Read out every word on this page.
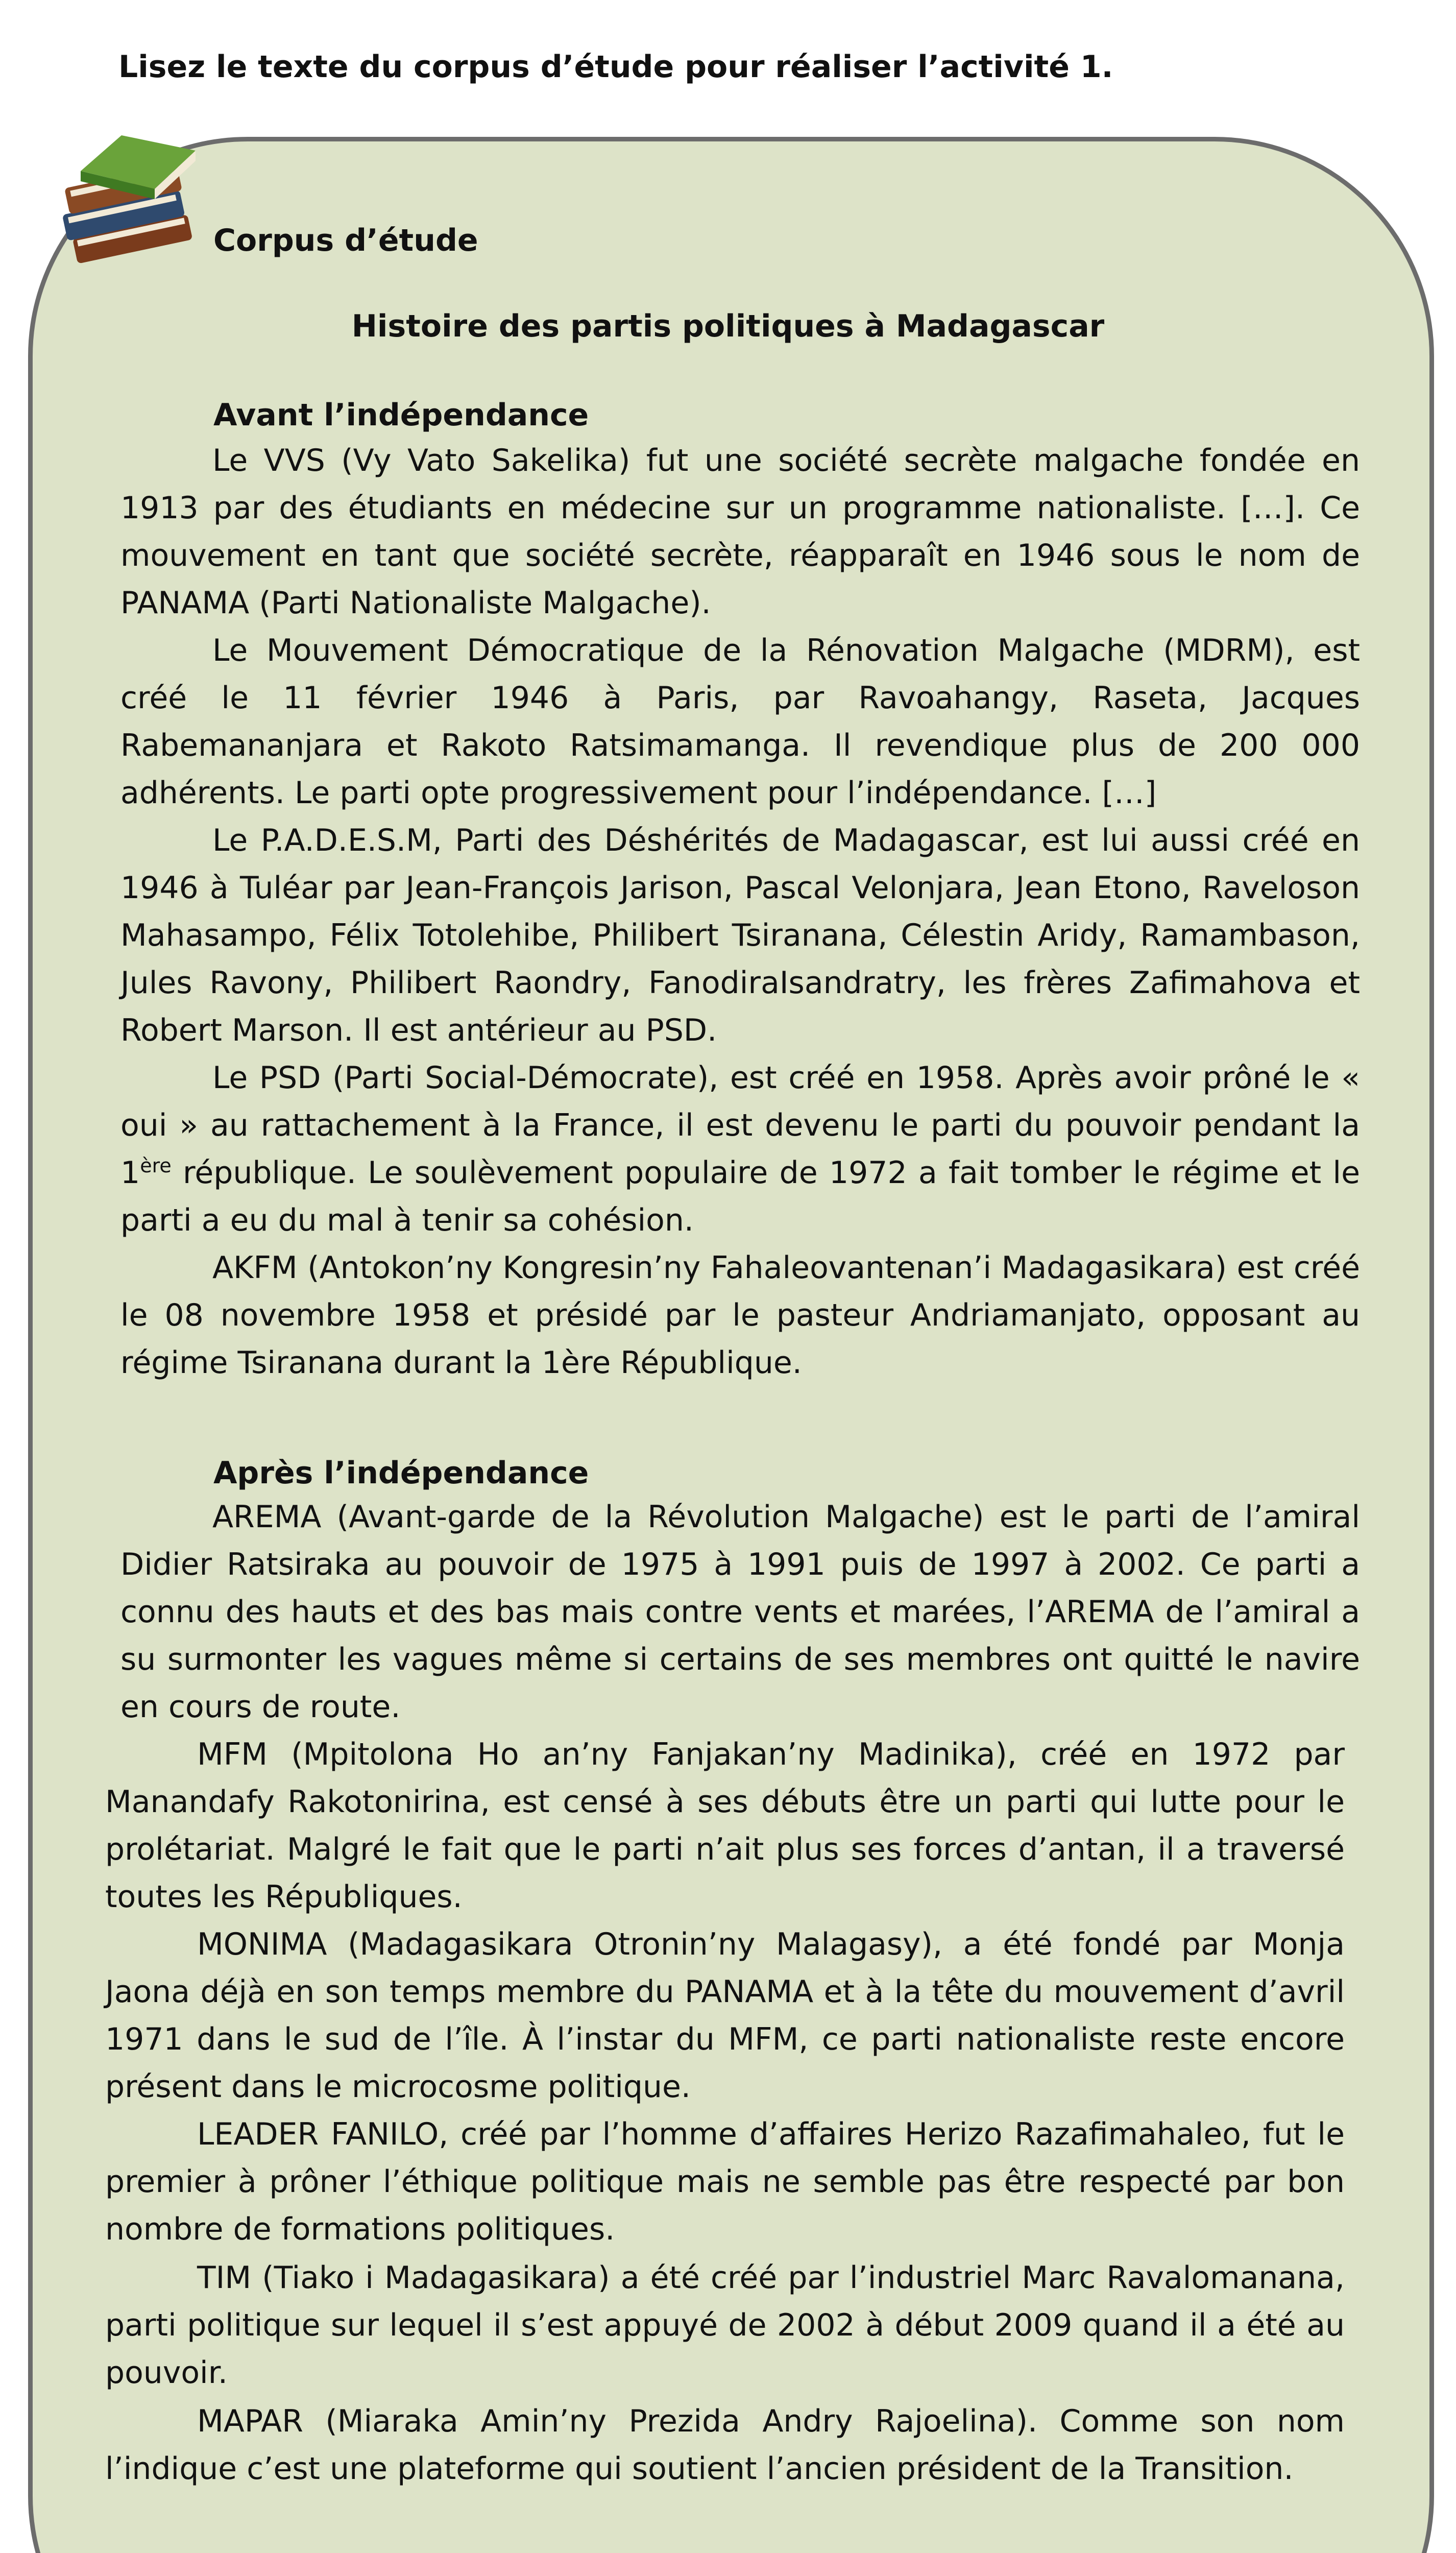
Lisez le texte du corpus d’étude pour réaliser l’activité 1.
Corpus d’étude
Histoire des partis politiques à Madagascar
Avant l’indépendance

Le VVS (Vy Vato Sakelika) fut une société secrète malgache fondée en 1913 par des étudiants en médecine sur un programme nationaliste. […]. Ce mouvement en tant que société secrète, réapparaît en 1946 sous le nom de PANAMA (Parti Nationaliste Malgache).

Le Mouvement Démocratique de la Rénovation Malgache (MDRM), est créé le 11 février 1946 à Paris, par Ravoahangy, Raseta, Jacques Rabemananjara et Rakoto Ratsimamanga. Il revendique plus de 200 000 adhérents. Le parti opte progressivement pour l’indépendance. […]

Le P.A.D.E.S.M, Parti des Déshérités de Madagascar, est lui aussi créé en 1946 à Tuléar par Jean-François Jarison, Pascal Velonjara, Jean Etono, Raveloson Mahasampo, Félix Totolehibe, Philibert Tsiranana, Célestin Aridy, Ramambason, Jules Ravony, Philibert Raondry, FanodiraIsandratry, les frères Zafimahova et Robert Marson. Il est antérieur au PSD.

Le PSD (Parti Social-Démocrate), est créé en 1958. Après avoir prôné le « oui » au rattachement à la France, il est devenu le parti du pouvoir pendant la 1ère république. Le soulèvement populaire de 1972 a fait tomber le régime et le parti a eu du mal à tenir sa cohésion.

AKFM (Antokon’ny Kongresin’ny Fahaleovantenan’i Madagasikara) est créé le 08 novembre 1958 et présidé par le pasteur Andriamanjato, opposant au régime Tsiranana durant la 1ère République.

Après l’indépendance

AREMA (Avant-garde de la Révolution Malgache) est le parti de l’amiral Didier Ratsiraka au pouvoir de 1975 à 1991 puis de 1997 à 2002. Ce parti a connu des hauts et des bas mais contre vents et marées, l’AREMA de l’amiral a su surmonter les vagues même si certains de ses membres ont quitté le navire en cours de route.

MFM (Mpitolona Ho an’ny Fanjakan’ny Madinika), créé en 1972 par Manandafy Rakotonirina, est censé à ses débuts être un parti qui lutte pour le prolétariat. Malgré le fait que le parti n’ait plus ses forces d’antan, il a traversé toutes les Républiques.

MONIMA (Madagasikara Otronin’ny Malagasy), a été fondé par Monja Jaona déjà en son temps membre du PANAMA et à la tête du mouvement d’avril 1971 dans le sud de l’île. À l’instar du MFM, ce parti nationaliste reste encore présent dans le microcosme politique.

LEADER FANILO, créé par l’homme d’affaires Herizo Razafimahaleo, fut le premier à prôner l’éthique politique mais ne semble pas être respecté par bon nombre de formations politiques.

TIM (Tiako i Madagasikara) a été créé par l’industriel Marc Ravalomanana, parti politique sur lequel il s’est appuyé de 2002 à début 2009 quand il a été au pouvoir.

MAPAR (Miaraka Amin’ny Prezida Andry Rajoelina). Comme son nom l’indique c’est une plateforme qui soutient l’ancien président de la Transition.
